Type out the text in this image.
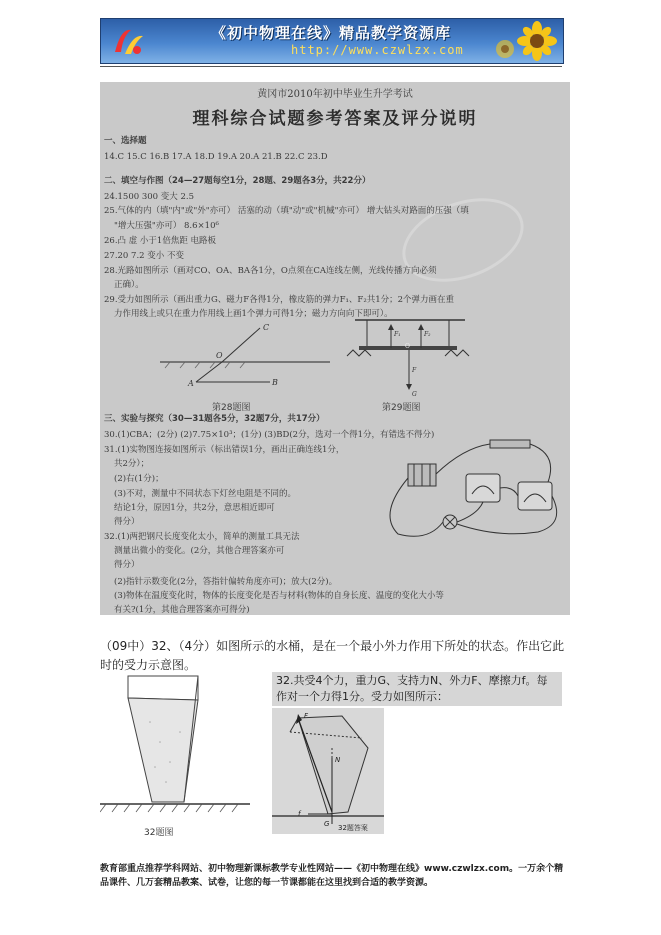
《初中物理在线》精品教学资源库
http://www.czwlzx.com
黄冈市2010年初中毕业生升学考试
理科综合试题参考答案及评分说明
一、选择题
14.C 15.C 16.B 17.A 18.D 19.A 20.A 21.B 22.C 23.D
二、填空与作图（24—27题每空1分，28题、29题各3分，共22分）
24.1500 300 变大 2.5
25.气体的内（填"内"或"外"亦可） 活塞的动（填"动"或"机械"亦可） 增大钻头对路面的压强（填
"增大压强"亦可） 8.6×10⁶
26.凸 虚 小于1倍焦距 电路板
27.20 7.2 变小 不变
28.光路如图所示（画对CO、OA、BA各1分，O点须在CA连线左侧，光线传播方向必须
正确）。
29.受力如图所示（画出重力G、磁力F各得1分，橡皮筋的弹力F₁、F₂共1分；2个弹力画在重
力作用线上或只在重力作用线上画1个弹力可得1分；磁力方向向下即可）。
C
O
A	B
第28题图
O
F₁	F₂
F
G
第29题图
三、实验与探究（30—31题各5分，32题7分，共17分）
30.(1)CBA；(2分) (2)7.75×10³；(1分) (3)BD(2分，选对一个得1分，有错选不得分)
31.(1)实物图连接如图所示（标出错误1分，画出正确连线1分，
共2分）；
(2)右(1分)；
(3)不对，测量中不同状态下灯丝电阻是不同的。
结论1分，原因1分，共2分，意思相近即可
得分）
32.(1)两把钢尺长度变化太小，简单的测量工具无法
测量出微小的变化。(2分，其他合理答案亦可
得分）
(2)指针示数变化(2分，答指针偏转角度亦可)；放大(2分)。
(3)物体在温度变化时，物体的长度变化是否与材料(物体的自身长度、温度的变化大小等
有关?(1分，其他合理答案亦可得分)
（09中）32、（4分）如图所示的水桶，是在一个最小外力作用下所处的状态。作出它此时的受力示意图。
32题图
32.共受4个力，重力G、支持力N、外力F、摩擦力f。每作对一个力得1分。受力如图所示：
F
N
f
G 32题答案
教育部重点推荐学科网站、初中物理新课标教学专业性网站——《初中物理在线》www.czwlzx.com。一万余个精品课件、几万套精品教案、试卷，让您的每一节课都能在这里找到合适的教学资源。
